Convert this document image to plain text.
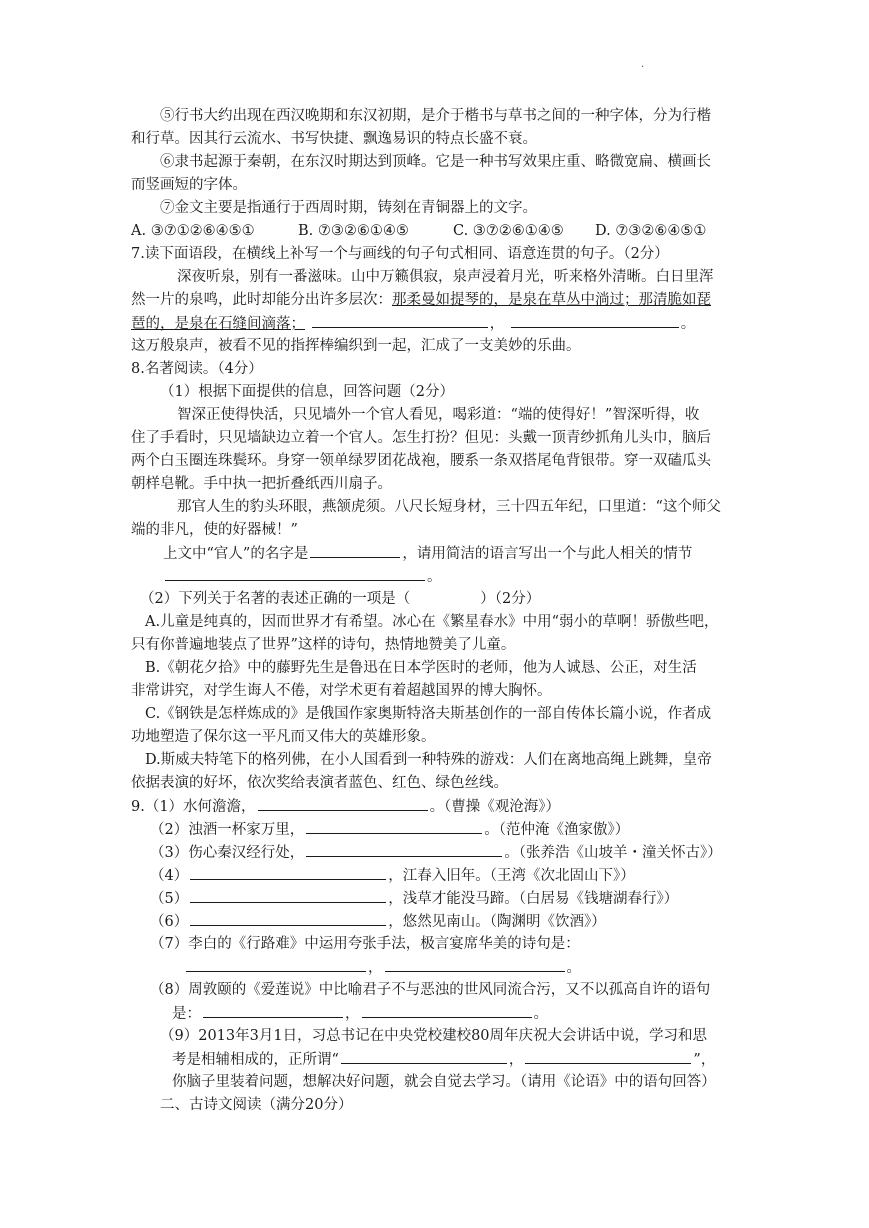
·
⑤行书大约出现在西汉晚期和东汉初期，是介于楷书与草书之间的一种字体，分为行楷
和行草。因其行云流水、书写快捷、飘逸易识的特点长盛不衰。
⑥隶书起源于秦朝，在东汉时期达到顶峰。它是一种书写效果庄重、略微宽扁、横画长
而竖画短的字体。
⑦金文主要是指通行于西周时期，铸刻在青铜器上的文字。
A. ③⑦①②⑥④⑤①	B. ⑦③②⑥①④⑤	C. ③⑦②⑥①④⑤ D. ⑦③②⑥④⑤①
7.读下面语段，在横线上补写一个与画线的句子句式相同、语意连贯的句子。（2分）
深夜听泉，别有一番滋味。山中万籁俱寂，泉声浸着月光，听来格外清晰。白日里浑
然一片的泉鸣，此时却能分出许多层次：那柔曼如提琴的，是泉在草丛中淌过；那清脆如琵
琶的，是泉在石缝间滴落；	，	。
这万般泉声，被看不见的指挥棒编织到一起，汇成了一支美妙的乐曲。
8.名著阅读。（4分）
（1）根据下面提供的信息，回答问题（2分）
智深正使得快活，只见墙外一个官人看见，喝彩道：“端的使得好！”智深听得，收
住了手看时，只见墙缺边立着一个官人。怎生打扮？但见：头戴一顶青纱抓角儿头巾，脑后
两个白玉圈连珠鬓环。身穿一领单绿罗团花战袍，腰系一条双搭尾龟背银带。穿一双磕瓜头
朝样皂靴。手中执一把折叠纸西川扇子。
那官人生的豹头环眼，燕颔虎须。八尺长短身材，三十四五年纪，口里道：“这个师父
端的非凡，使的好器械！”
上文中“官人”的名字是	，请用简洁的语言写出一个与此人相关的情节
。
（2）下列关于名著的表述正确的一项是（	）（2分）
A.儿童是纯真的，因而世界才有希望。冰心在《繁星春水》中用“弱小的草啊！骄傲些吧，
只有你普遍地装点了世界”这样的诗句，热情地赞美了儿童。
B.《朝花夕拾》中的藤野先生是鲁迅在日本学医时的老师，他为人诚恳、公正，对生活
非常讲究，对学生诲人不倦，对学术更有着超越国界的博大胸怀。
C.《钢铁是怎样炼成的》是俄国作家奥斯特洛夫斯基创作的一部自传体长篇小说，作者成
功地塑造了保尔这一平凡而又伟大的英雄形象。
D.斯威夫特笔下的格列佛，在小人国看到一种特殊的游戏：人们在离地高绳上跳舞，皇帝
依据表演的好坏，依次奖给表演者蓝色、红色、绿色丝线。
9.（1）水何澹澹，	。（曹操《观沧海》）
（2）浊酒一杯家万里，	。（范仲淹《渔家傲》）
（3）伤心秦汉经行处，	。（张养浩《山坡羊・潼关怀古》）
（4）	，江春入旧年。（王湾《次北固山下》）
（5）	，浅草才能没马蹄。（白居易《钱塘湖春行》）
（6）	，悠然见南山。（陶渊明《饮酒》）
（7）李白的《行路难》中运用夸张手法，极言宴席华美的诗句是：
，	。
（8）周敦颐的《爱莲说》中比喻君子不与恶浊的世风同流合污，又不以孤高自许的语句
是：	，	。
（9）2013年3月1日，习总书记在中央党校建校80周年庆祝大会讲话中说，学习和思
考是相辅相成的，正所谓“	，	”，
你脑子里装着问题，想解决好问题，就会自觉去学习。（请用《论语》中的语句回答）
二、古诗文阅读（满分20分）
